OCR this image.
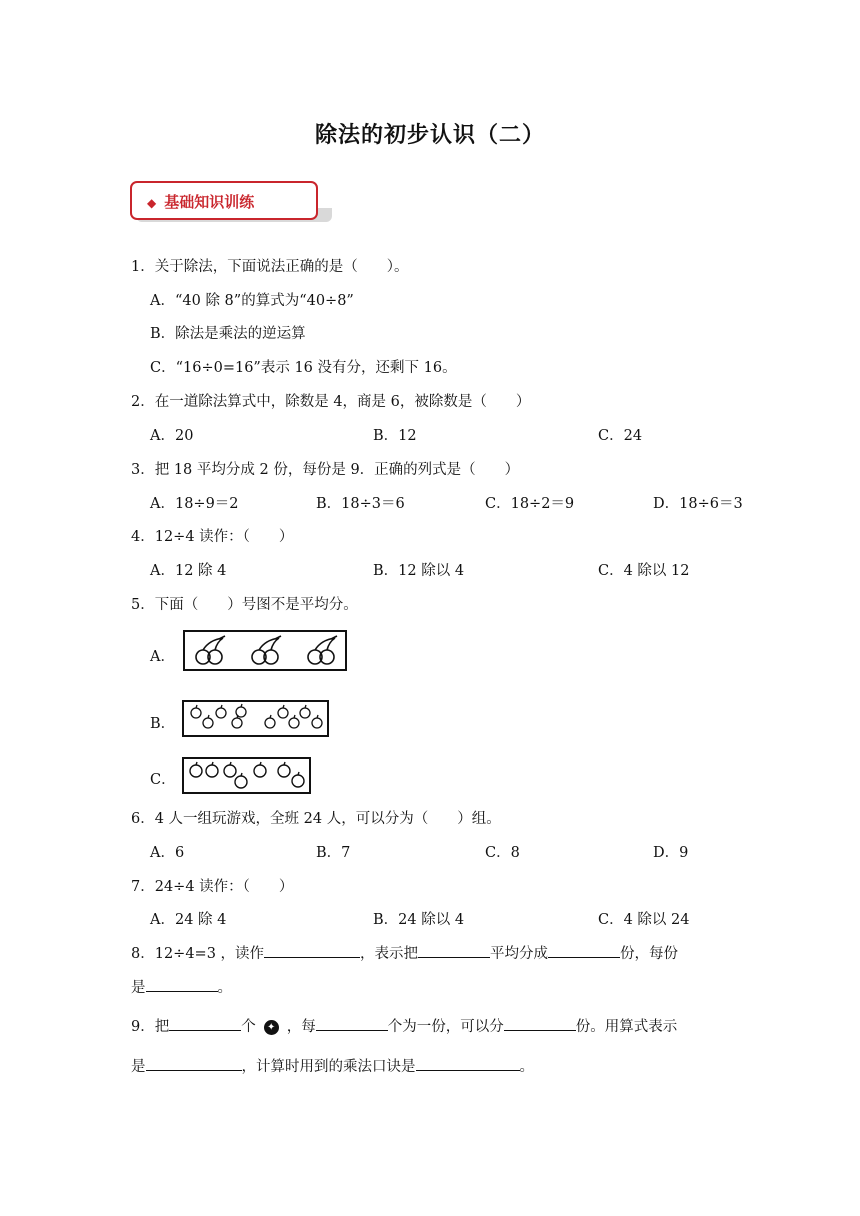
除法的初步认识（二）
◆ 基础知识训练
1．关于除法，下面说法正确的是（　　）。
A．“40 除 8”的算式为“40÷8”
B．除法是乘法的逆运算
C．“16÷0=16”表示 16 没有分，还剩下 16。
2．在一道除法算式中，除数是 4，商是 6，被除数是（　　）
A．20	B．12	C．24
3．把 18 平均分成 2 份，每份是 9．正确的列式是（　　）
A．18÷9＝2	B．18÷3＝6	C．18÷2＝9	D．18÷6＝3
4．12÷4 读作：（　　）
A．12 除 4	B．12 除以 4	C．4 除以 12
5．下面（　　）号图不是平均分。
A．
B．
C．
6．4 人一组玩游戏，全班 24 人，可以分为（　　）组。
A．6	B．7	C．8	D．9
7．24÷4 读作：（　　）
A．24 除 4	B．24 除以 4	C．4 除以 24
8．12÷4=3 ，读作	，表示把	平均分成	份，每份
是	。
9．把	个 ✦ ，每	个为一份，可以分	份。用算式表示
是	，计算时用到的乘法口诀是	。
